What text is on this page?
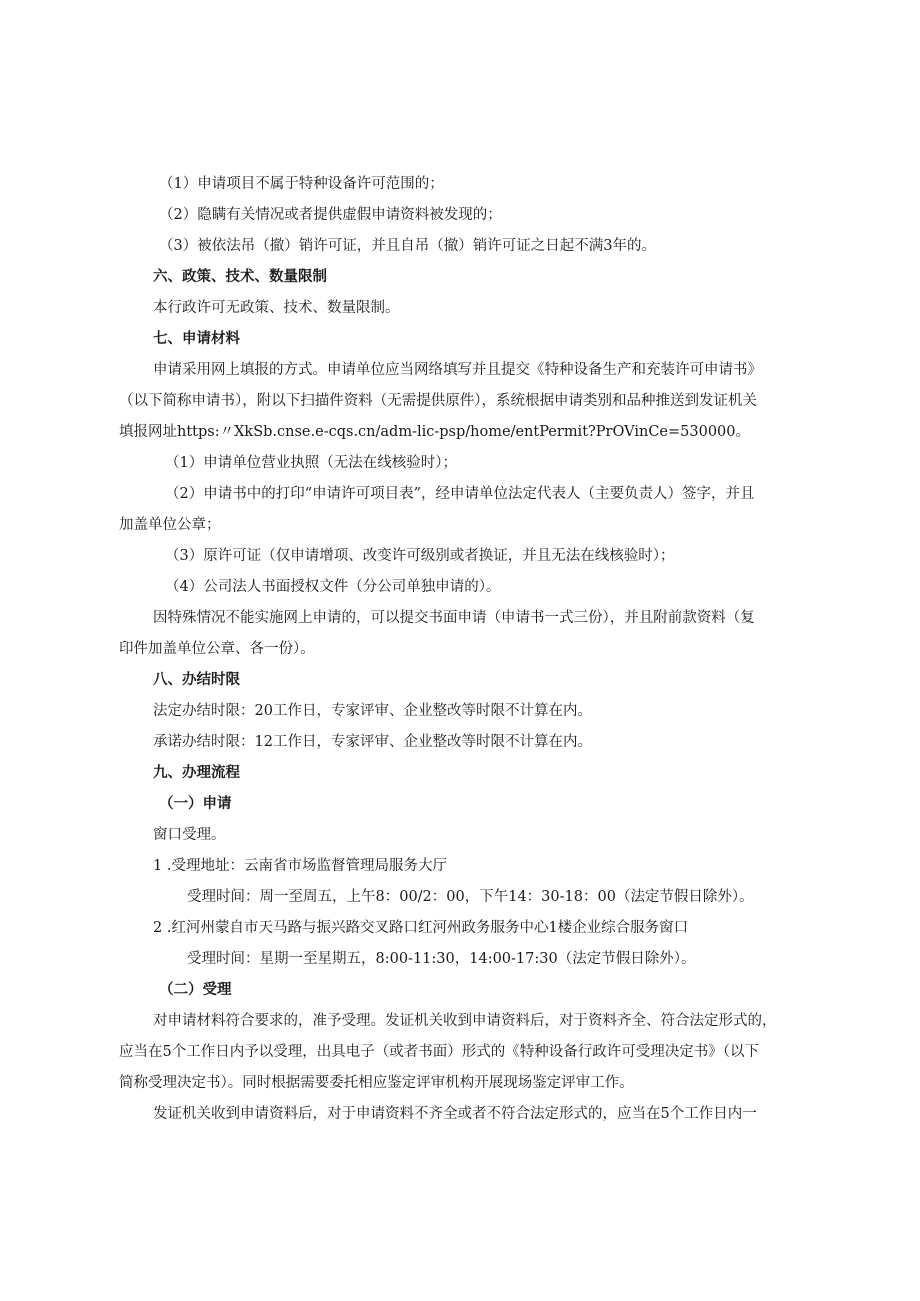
（1）申请项目不属于特种设备许可范围的；
（2）隐瞒有关情况或者提供虚假申请资料被发现的；
（3）被依法吊（撤）销许可证，并且自吊（撤）销许可证之日起不满3年的。
六、政策、技术、数量限制
本行政许可无政策、技术、数量限制。
七、申请材料
申请采用网上填报的方式。申请单位应当网络填写并且提交《特种设备生产和充装许可申请书》
（以下简称申请书），附以下扫描件资料（无需提供原件），系统根据申请类别和品种推送到发证机关
填报网址https:〃XkSb.cnse.e-cqs.cn/adm-lic-psp/home/entPermit?PrOVinCe=530000。
（1）申请单位营业执照（无法在线核验时）；
（2）申请书中的打印“申请许可项目表”，经申请单位法定代表人（主要负责人）签字，并且
加盖单位公章；
（3）原许可证（仅申请增项、改变许可级别或者换证，并且无法在线核验时）；
（4）公司法人书面授权文件（分公司单独申请的）。
因特殊情况不能实施网上申请的，可以提交书面申请（申请书一式三份），并且附前款资料（复
印件加盖单位公章、各一份）。
八、办结时限
法定办结时限：20工作日，专家评审、企业整改等时限不计算在内。
承诺办结时限：12工作日，专家评审、企业整改等时限不计算在内。
九、办理流程
（一）申请
窗口受理。
1 .受理地址：云南省市场监督管理局服务大厅
受理时间：周一至周五，上午8：00/2：00，下午14：30-18：00（法定节假日除外）。
2 .红河州蒙自市天马路与振兴路交叉路口红河州政务服务中心1楼企业综合服务窗口
受理时间：星期一至星期五，8:00-11:30，14:00-17:30（法定节假日除外）。
（二）受理
对申请材料符合要求的，准予受理。发证机关收到申请资料后，对于资料齐全、符合法定形式的，
应当在5个工作日内予以受理，出具电子（或者书面）形式的《特种设备行政许可受理决定书》（以下
简称受理决定书）。同时根据需要委托相应鉴定评审机构开展现场鉴定评审工作。
发证机关收到申请资料后，对于申请资料不齐全或者不符合法定形式的，应当在5个工作日内一
